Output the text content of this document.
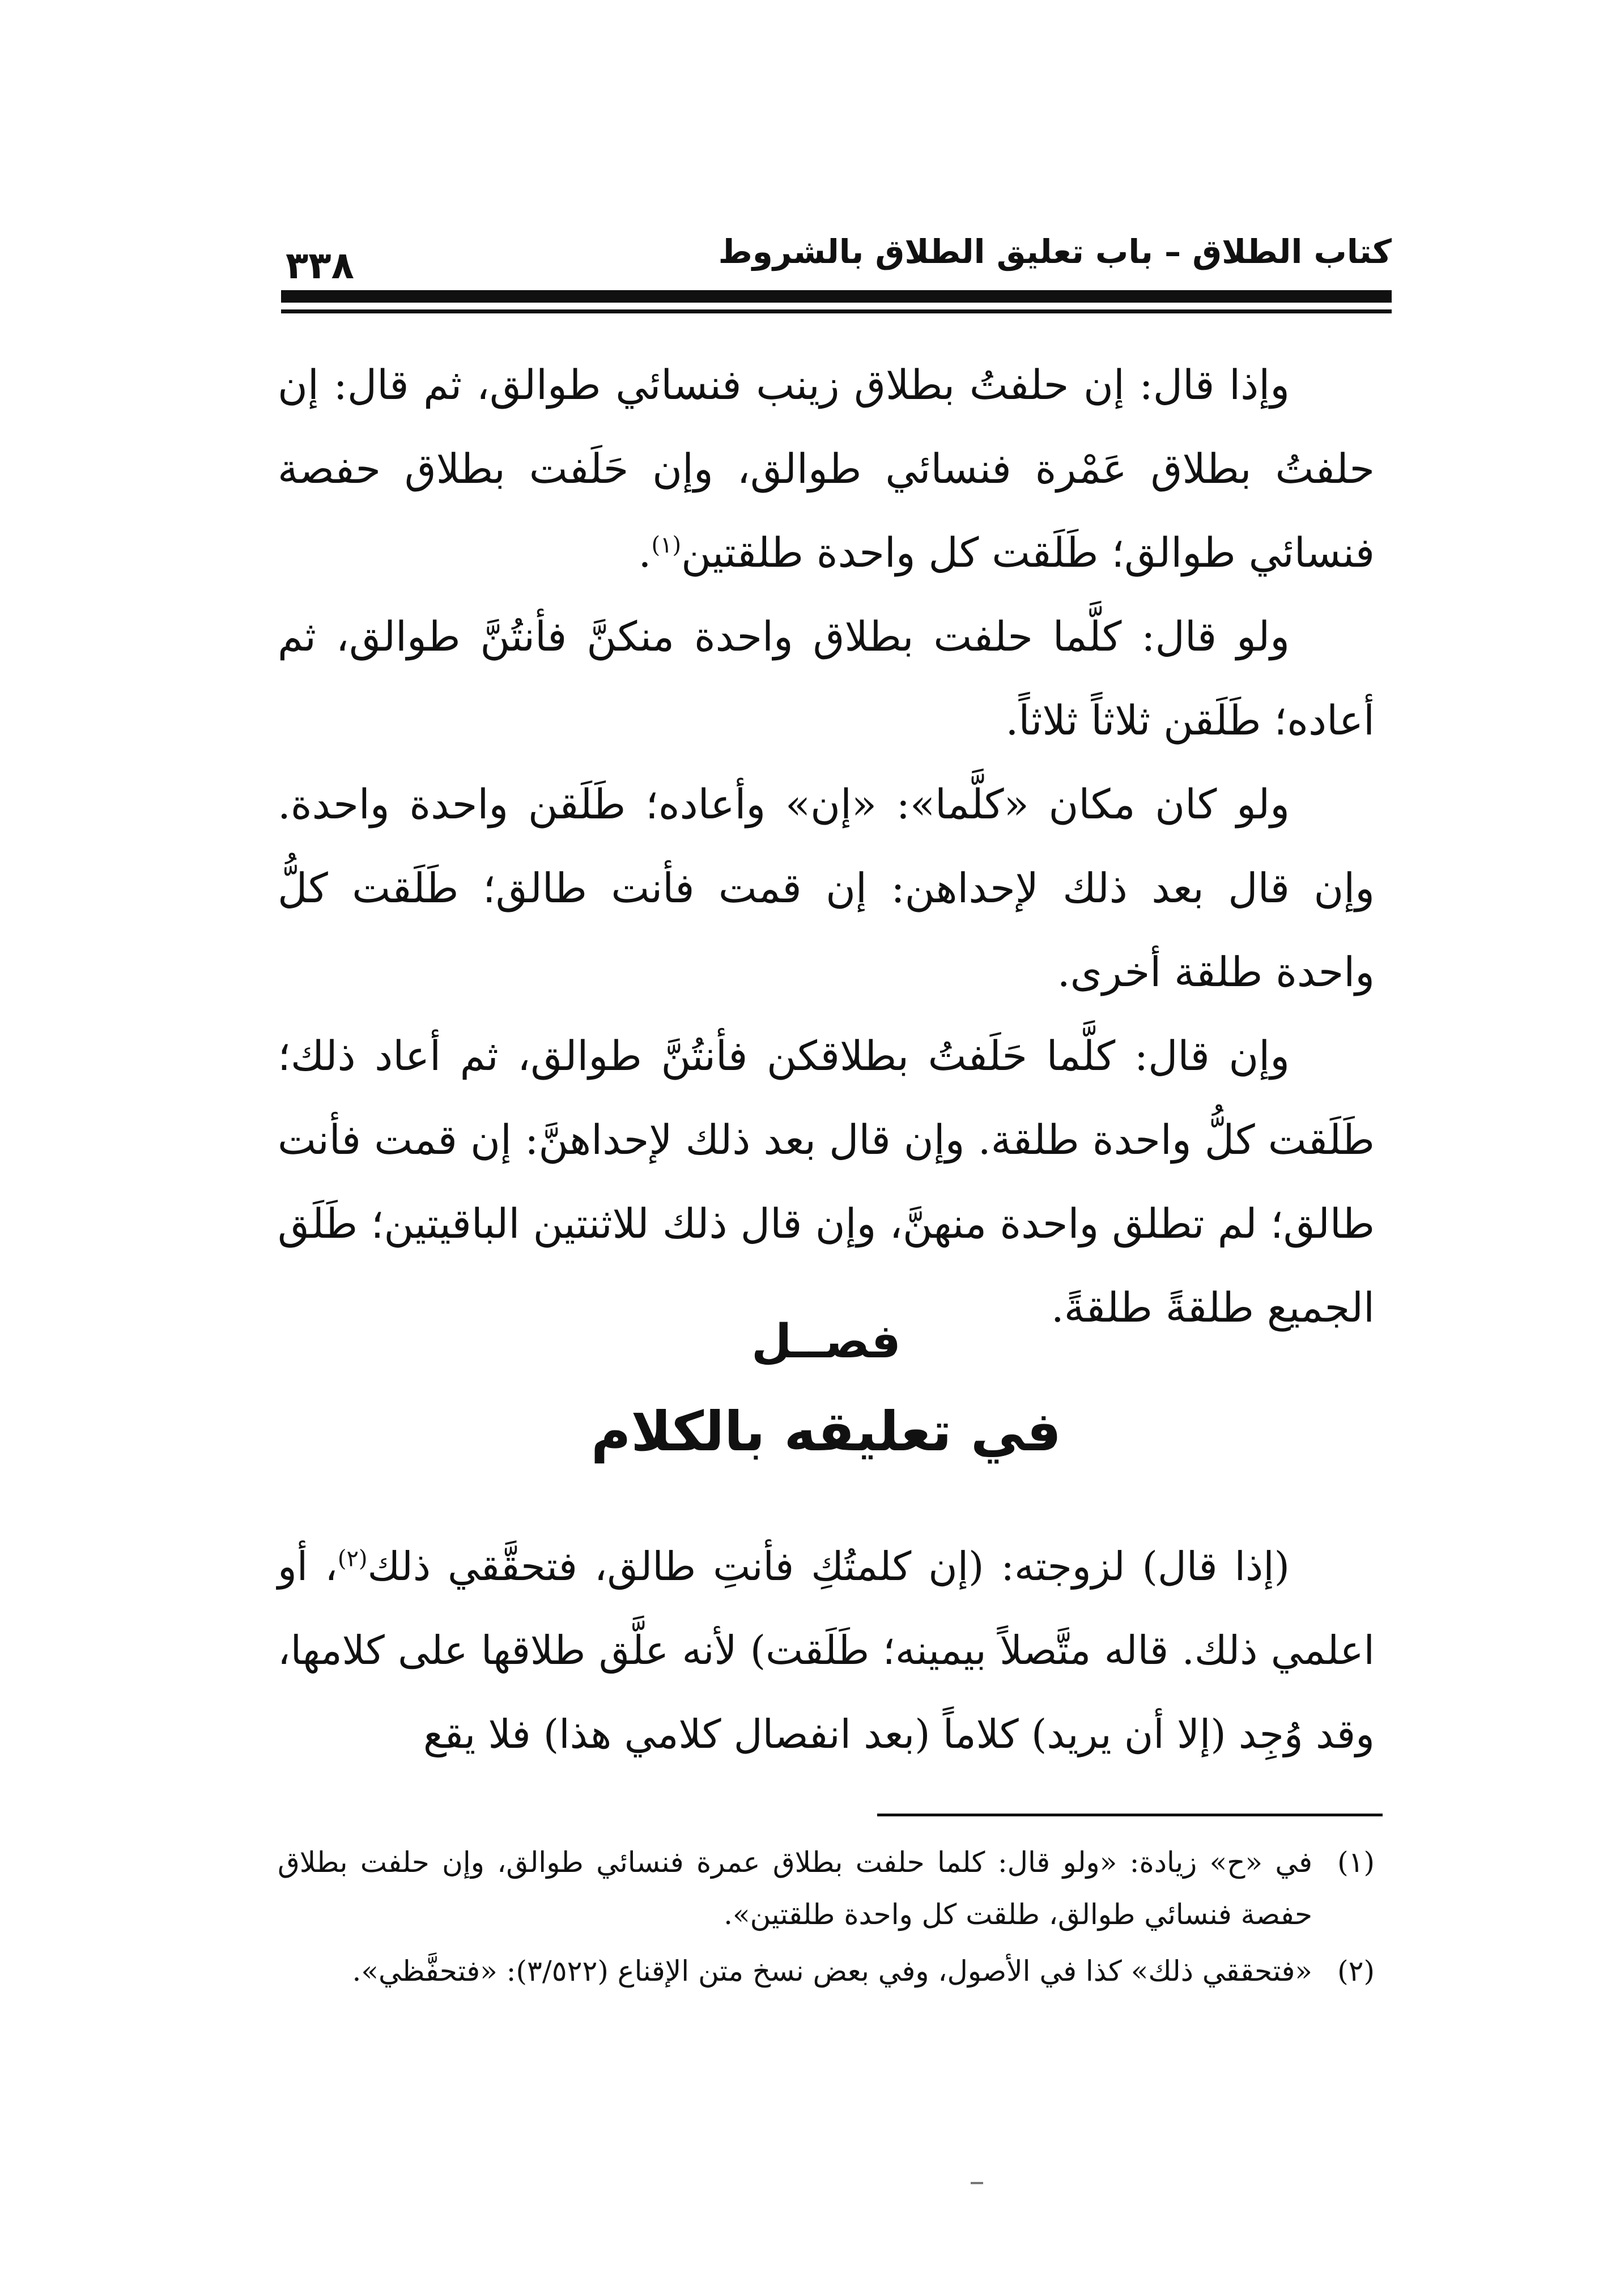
كتاب الطلاق – باب تعليق الطلاق بالشروط
٣٣٨

وإذا قال: إن حلفتُ بطلاق زينب فنسائي طوالق، ثم قال: إن حلفتُ بطلاق عَمْرة فنسائي طوالق، وإن حَلَفت بطلاق حفصة فنسائي طوالق؛ طَلَقت كل واحدة طلقتين$^{(١)}$.

ولو قال: كلَّما حلفت بطلاق واحدة منكنَّ فأنتُنَّ طوالق، ثم أعاده؛ طَلَقن ثلاثاً ثلاثاً.

ولو كان مكان «كلَّما»: «إن» وأعاده؛ طَلَقن واحدة واحدة. وإن قال بعد ذلك لإحداهن: إن قمت فأنت طالق؛ طَلَقت كلُّ واحدة طلقة أخرى.

وإن قال: كلَّما حَلَفتُ بطلاقكن فأنتُنَّ طوالق، ثم أعاد ذلك؛ طَلَقت كلُّ واحدة طلقة. وإن قال بعد ذلك لإحداهنَّ: إن قمت فأنت طالق؛ لم تطلق واحدة منهنَّ، وإن قال ذلك للاثنتين الباقيتين؛ طَلَق الجميع طلقةً طلقةً.

فصــل
في تعليقه بالكلام

(إذا قال) لزوجته: (إن كلمتُكِ فأنتِ طالق، فتحقَّقي ذلك$^{(٢)}$، أو اعلمي ذلك. قاله متَّصلاً بيمينه؛ طَلَقت) لأنه علَّق طلاقها على كلامها، وقد وُجِد (إلا أن يريد) كلاماً (بعد انفصال كلامي هذا) فلا يقع

(١)في «ح» زيادة: «ولو قال: كلما حلفت بطلاق عمرة فنسائي طوالق، وإن حلفت بطلاق حفصة فنسائي طوالق، طلقت كل واحدة طلقتين».

(٢)«فتحققي ذلك» كذا في الأصول، وفي بعض نسخ متن الإقناع (٣/٥٢٢): «فتحفَّظي».
